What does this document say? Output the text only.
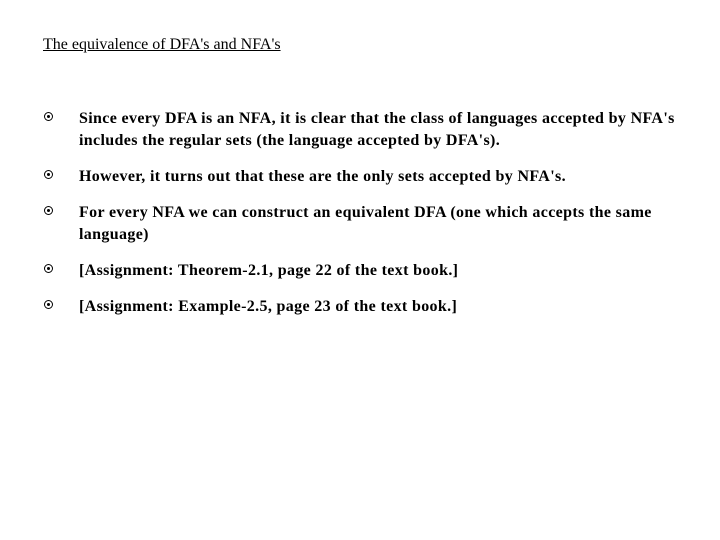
The equivalence of DFA's and NFA's
Since every DFA is an NFA, it is clear that the class of languages accepted by NFA's includes the regular sets (the language accepted by DFA's).
However, it turns out that these are the only sets accepted by NFA's.
For every NFA we can construct an equivalent DFA (one which accepts the same language)
[Assignment: Theorem-2.1, page 22 of the text book.]
[Assignment: Example-2.5, page 23 of the text book.]
